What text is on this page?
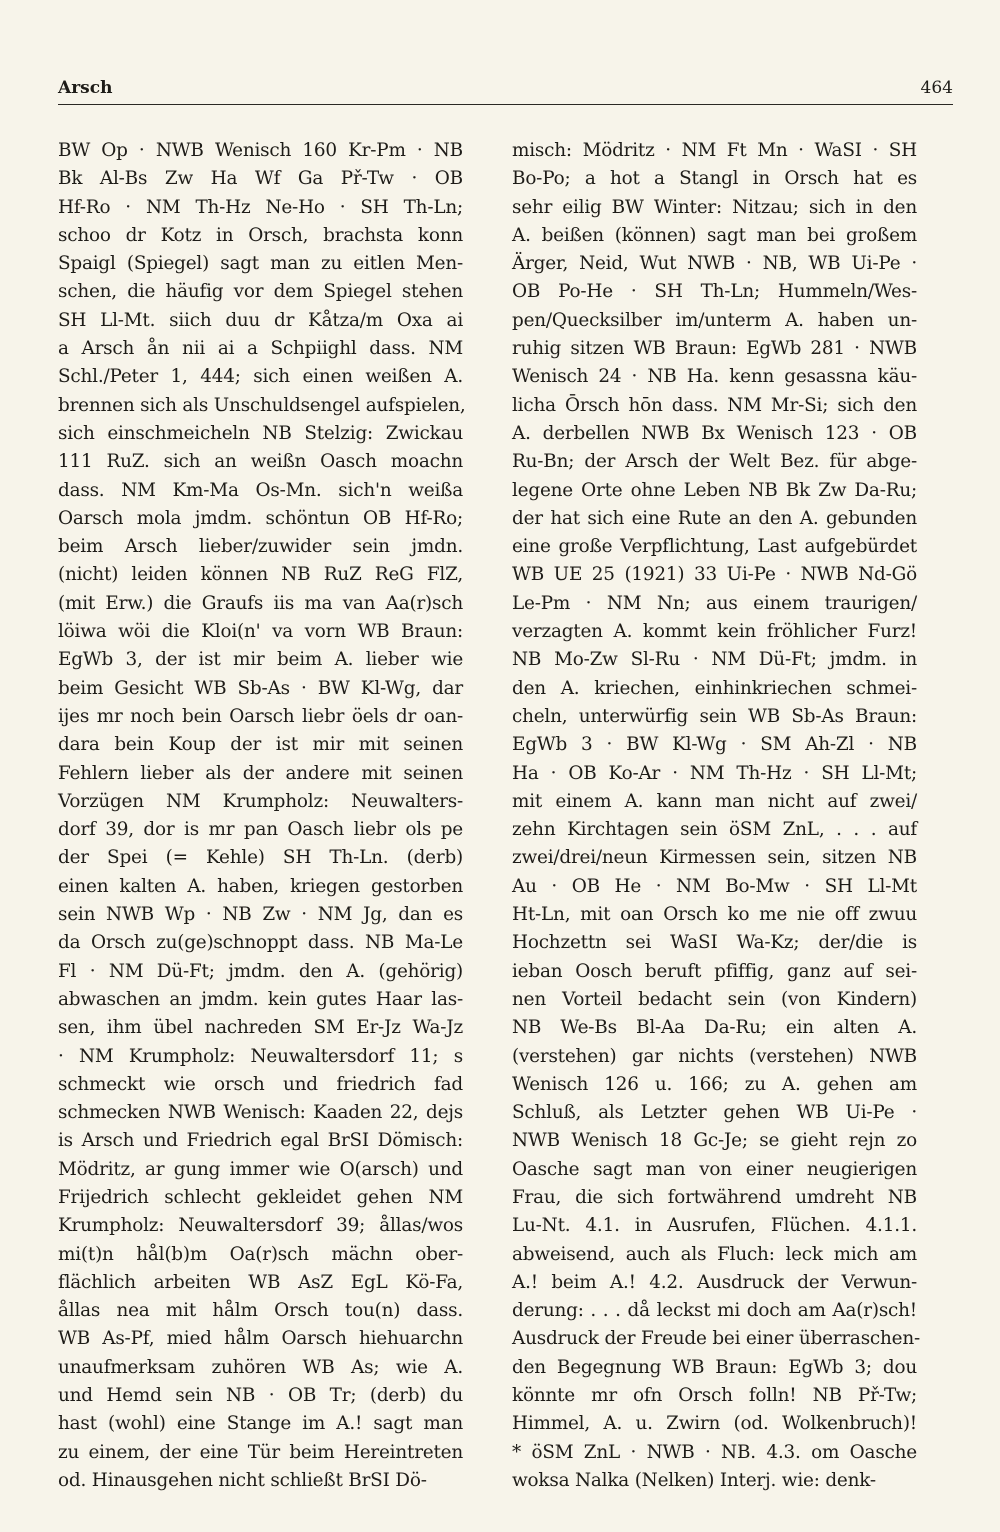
Arsch	464
BW Op · NWB Wenisch 160 Kr-Pm · NB
Bk Al-Bs Zw Ha Wf Ga Př-Tw · OB
Hf-Ro · NM Th-Hz Ne-Ho · SH Th-Ln;
schoo dr Kotz in Orsch, brachsta konn
Spaigl (Spiegel) sagt man zu eitlen Men-
schen, die häufig vor dem Spiegel stehen
SH Ll-Mt. siich duu dr Kåtza/m Oxa ai
a Arsch ån nii ai a Schpiighl dass. NM
Schl./Peter 1, 444; sich einen weißen A.
brennen sich als Unschuldsengel aufspielen,
sich einschmeicheln NB Stelzig: Zwickau
111 RuZ. sich an weißn Oasch moachn
dass. NM Km-Ma Os-Mn. sich'n weißa
Oarsch mola jmdm. schöntun OB Hf-Ro;
beim Arsch lieber/zuwider sein jmdn.
(nicht) leiden können NB RuZ ReG FlZ,
(mit Erw.) die Graufs iis ma van Aa(r)sch
löiwa wöi die Kloi(n' va vorn WB Braun:
EgWb 3, der ist mir beim A. lieber wie
beim Gesicht WB Sb-As · BW Kl-Wg, dar
ijes mr noch bein Oarsch liebr öels dr oan-
dara bein Koup der ist mir mit seinen
Fehlern lieber als der andere mit seinen
Vorzügen NM Krumpholz: Neuwalters-
dorf 39, dor is mr pan Oasch liebr ols pe
der Spei (= Kehle) SH Th-Ln. (derb)
einen kalten A. haben, kriegen gestorben
sein NWB Wp · NB Zw · NM Jg, dan es
da Orsch zu(ge)schnoppt dass. NB Ma-Le
Fl · NM Dü-Ft; jmdm. den A. (gehörig)
abwaschen an jmdm. kein gutes Haar las-
sen, ihm übel nachreden SM Er-Jz Wa-Jz
· NM Krumpholz: Neuwaltersdorf 11; s
schmeckt wie orsch und friedrich fad
schmecken NWB Wenisch: Kaaden 22, dejs
is Arsch und Friedrich egal BrSI Dömisch:
Mödritz, ar gung immer wie O(arsch) und
Frijedrich schlecht gekleidet gehen NM
Krumpholz: Neuwaltersdorf 39; ållas/wos
mi(t)n hål(b)m Oa(r)sch mächn ober-
flächlich arbeiten WB AsZ EgL Kö-Fa,
ållas nea mit hålm Orsch tou(n) dass.
WB As-Pf, mied hålm Oarsch hiehuarchn
unaufmerksam zuhören WB As; wie A.
und Hemd sein NB · OB Tr; (derb) du
hast (wohl) eine Stange im A.! sagt man
zu einem, der eine Tür beim Hereintreten
od. Hinausgehen nicht schließt BrSI Dö-
misch: Mödritz · NM Ft Mn · WaSI · SH
Bo-Po; a hot a Stangl in Orsch hat es
sehr eilig BW Winter: Nitzau; sich in den
A. beißen (können) sagt man bei großem
Ärger, Neid, Wut NWB · NB, WB Ui-Pe ·
OB Po-He · SH Th-Ln; Hummeln/Wes-
pen/Quecksilber im/unterm A. haben un-
ruhig sitzen WB Braun: EgWb 281 · NWB
Wenisch 24 · NB Ha. kenn gesassna käu-
licha Ōrsch hōn dass. NM Mr-Si; sich den
A. derbellen NWB Bx Wenisch 123 · OB
Ru-Bn; der Arsch der Welt Bez. für abge-
legene Orte ohne Leben NB Bk Zw Da-Ru;
der hat sich eine Rute an den A. gebunden
eine große Verpflichtung, Last aufgebürdet
WB UE 25 (1921) 33 Ui-Pe · NWB Nd-Gö
Le-Pm · NM Nn; aus einem traurigen/
verzagten A. kommt kein fröhlicher Furz!
NB Mo-Zw Sl-Ru · NM Dü-Ft; jmdm. in
den A. kriechen, einhinkriechen schmei-
cheln, unterwürfig sein WB Sb-As Braun:
EgWb 3 · BW Kl-Wg · SM Ah-Zl · NB
Ha · OB Ko-Ar · NM Th-Hz · SH Ll-Mt;
mit einem A. kann man nicht auf zwei/
zehn Kirchtagen sein öSM ZnL, . . . auf
zwei/drei/neun Kirmessen sein, sitzen NB
Au · OB He · NM Bo-Mw · SH Ll-Mt
Ht-Ln, mit oan Orsch ko me nie off zwuu
Hochzettn sei WaSI Wa-Kz; der/die is
ieban Oosch beruft pfiffig, ganz auf sei-
nen Vorteil bedacht sein (von Kindern)
NB We-Bs Bl-Aa Da-Ru; ein alten A.
(verstehen) gar nichts (verstehen) NWB
Wenisch 126 u. 166; zu A. gehen am
Schluß, als Letzter gehen WB Ui-Pe ·
NWB Wenisch 18 Gc-Je; se gieht rejn zo
Oasche sagt man von einer neugierigen
Frau, die sich fortwährend umdreht NB
Lu-Nt. 4.1. in Ausrufen, Flüchen. 4.1.1.
abweisend, auch als Fluch: leck mich am
A.! beim A.! 4.2. Ausdruck der Verwun-
derung: . . . då leckst mi doch am Aa(r)sch!
Ausdruck der Freude bei einer überraschen-
den Begegnung WB Braun: EgWb 3; dou
könnte mr ofn Orsch folln! NB Př-Tw;
Himmel, A. u. Zwirn (od. Wolkenbruch)!
* öSM ZnL · NWB · NB. 4.3. om Oasche
woksa Nalka (Nelken) Interj. wie: denk-
